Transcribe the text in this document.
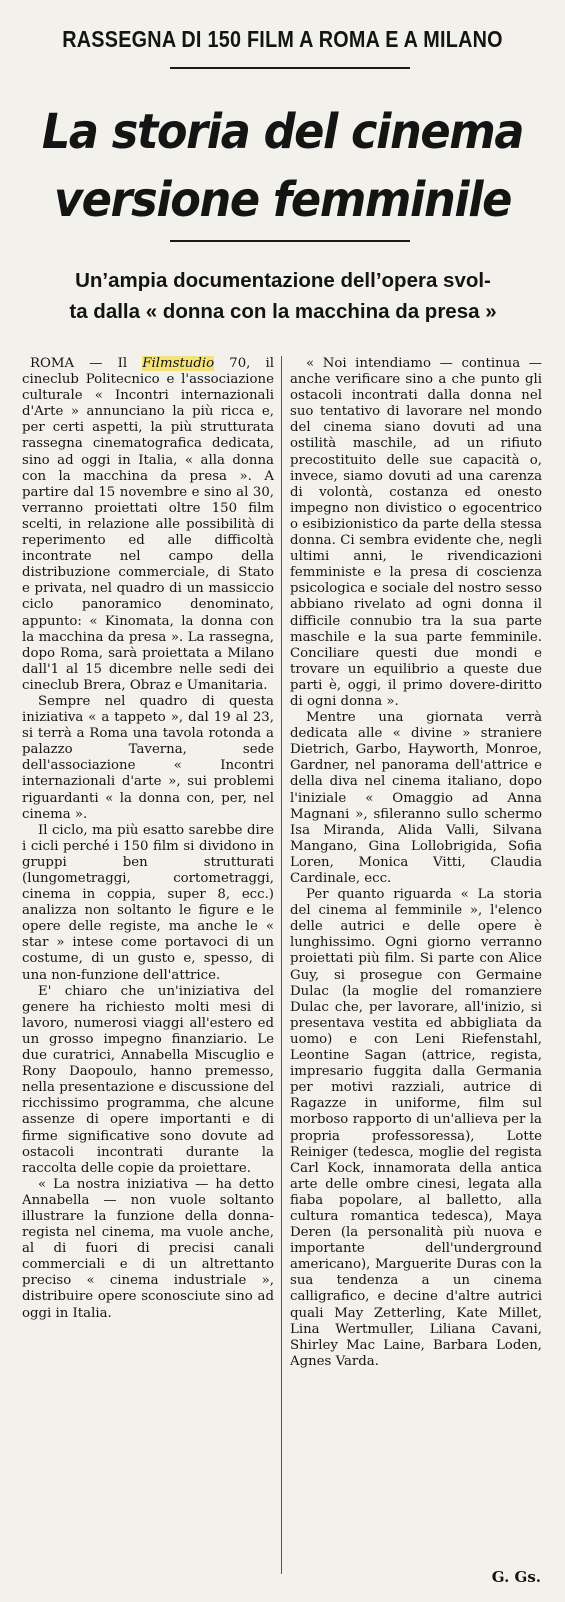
RASSEGNA DI 150 FILM A ROMA E A MILANO
La storia del cinema
versione femminile
Un’ampia documentazione dell’opera svol-
ta dalla « donna con la macchina da presa »

ROMA — Il Filmstudio 70, il cineclub Politecnico e l'associazione culturale « Incontri internazionali d'Arte » annunciano la più ricca e, per certi aspetti, la più strutturata rassegna cinematografica dedicata, sino ad oggi in Italia, « alla donna con la macchina da presa ». A partire dal 15 novembre e sino al 30, verranno proiettati oltre 150 film scelti, in relazione alle possibilità di reperimento ed alle difficoltà incontrate nel campo della distribuzione commerciale, di Stato e privata, nel quadro di un massiccio ciclo panoramico denominato, appunto: « Kinomata, la donna con la macchina da presa ». La rassegna, dopo Roma, sarà proiettata a Milano dall'1 al 15 dicembre nelle sedi dei cineclub Brera, Obraz e Umanitaria.

Sempre nel quadro di questa iniziativa « a tappeto », dal 19 al 23, si terrà a Roma una tavola rotonda a palazzo Taverna, sede dell'associazione « Incontri internazionali d'arte », sui problemi riguardanti « la donna con, per, nel cinema ».

Il ciclo, ma più esatto sarebbe dire i cicli perché i 150 film si dividono in gruppi ben strutturati (lungometraggi, cortometraggi, cinema in coppia, super 8, ecc.) analizza non soltanto le figure e le opere delle registe, ma anche le « star » intese come portavoci di un costume, di un gusto e, spesso, di una non-funzione dell'attrice.

E' chiaro che un'iniziativa del genere ha richiesto molti mesi di lavoro, numerosi viaggi all'estero ed un grosso impegno finanziario. Le due curatrici, Annabella Miscuglio e Rony Daopoulo, hanno premesso, nella presentazione e discussione del ricchissimo programma, che alcune assenze di opere importanti e di firme significative sono dovute ad ostacoli incontrati durante la raccolta delle copie da proiettare.

« La nostra iniziativa — ha detto Annabella — non vuole soltanto illustrare la funzione della donna-regista nel cinema, ma vuole anche, al di fuori di precisi canali commerciali e di un altrettanto preciso « cinema industriale », distribuire opere sconosciute sino ad oggi in Italia.

« Noi intendiamo — continua — anche verificare sino a che punto gli ostacoli incontrati dalla donna nel suo tentativo di lavorare nel mondo del cinema siano dovuti ad una ostilità maschile, ad un rifiuto precostituito delle sue capacità o, invece, siamo dovuti ad una carenza di volontà, costanza ed onesto impegno non divistico o egocentrico o esibizionistico da parte della stessa donna. Ci sembra evidente che, negli ultimi anni, le rivendicazioni femministe e la presa di coscienza psicologica e sociale del nostro sesso abbiano rivelato ad ogni donna il difficile connubio tra la sua parte maschile e la sua parte femminile. Conciliare questi due mondi e trovare un equilibrio a queste due parti è, oggi, il primo dovere-diritto di ogni donna ».

Mentre una giornata verrà dedicata alle « divine » straniere Dietrich, Garbo, Hayworth, Monroe, Gardner, nel panorama dell'attrice e della diva nel cinema italiano, dopo l'iniziale « Omaggio ad Anna Magnani », sfileranno sullo schermo Isa Miranda, Alida Valli, Silvana Mangano, Gina Lollobrigida, Sofia Loren, Monica Vitti, Claudia Cardinale, ecc.

Per quanto riguarda « La storia del cinema al femminile », l'elenco delle autrici e delle opere è lunghissimo. Ogni giorno verranno proiettati più film. Si parte con Alice Guy, si prosegue con Germaine Dulac (la moglie del romanziere Dulac che, per lavorare, all'inizio, si presentava vestita ed abbigliata da uomo) e con Leni Riefenstahl, Leontine Sagan (attrice, regista, impresario fuggita dalla Germania per motivi razziali, autrice di Ragazze in uniforme, film sul morboso rapporto di un'allieva per la propria professoressa), Lotte Reiniger (tedesca, moglie del regista Carl Kock, innamorata della antica arte delle ombre cinesi, legata alla fiaba popolare, al balletto, alla cultura romantica tedesca), Maya Deren (la personalità più nuova e importante dell'underground americano), Marguerite Duras con la sua tendenza a un cinema calligrafico, e decine d'altre autrici quali May Zetterling, Kate Millet, Lina Wertmuller, Liliana Cavani, Shirley Mac Laine, Barbara Loden, Agnes Varda.

G. Gs.
